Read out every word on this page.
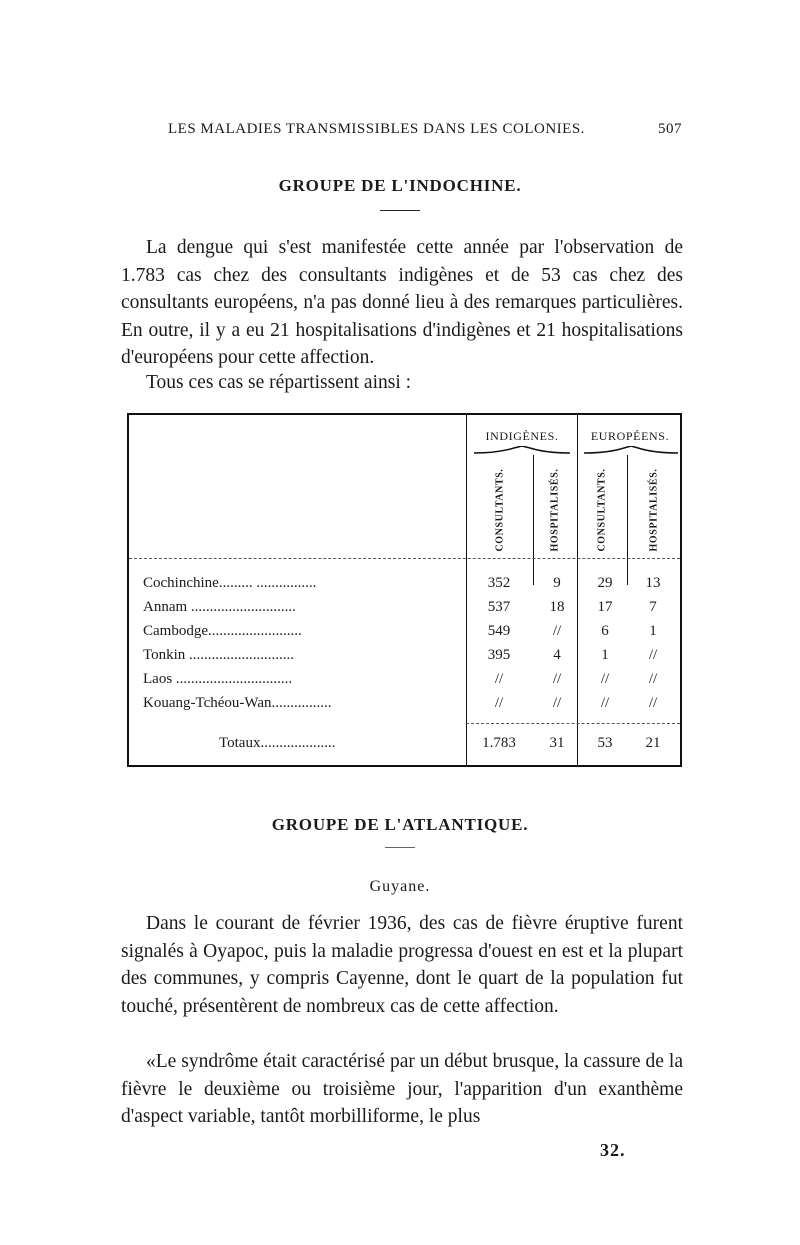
LES MALADIES TRANSMISSIBLES DANS LES COLONIES.	507
GROUPE DE L'INDOCHINE.

La dengue qui s'est manifestée cette année par l'observation de 1.783 cas chez des consultants indigènes et de 53 cas chez des consultants européens, n'a pas donné lieu à des remarques particulières. En outre, il y a eu 21 hospitalisations d'indigènes et 21 hospitalisations d'européens pour cette affection.

Tous ces cas se répartissent ainsi :
INDIGÈNES.	EUROPÉENS.
CONSULTANTS.	HOSPITALISÉS.	CONSULTANTS.	HOSPITALISÉS.
Cochinchine......... ................	352	9	29	13
Annam ............................	537	18	17	7
Cambodge.........................	549	//	6	1
Tonkin ............................	395	4	1	//
Laos ...............................	//	//	//	//
Kouang-Tchéou-Wan................	//	//	//	//
Totaux....................	1.783	31	53	21
GROUPE DE L'ATLANTIQUE.
Guyane.

Dans le courant de février 1936, des cas de fièvre éruptive furent signalés à Oyapoc, puis la maladie progressa d'ouest en est et la plupart des communes, y compris Cayenne, dont le quart de la population fut touché, présentèrent de nombreux cas de cette affection.

«Le syndrôme était caractérisé par un début brusque, la cassure de la fièvre le deuxième ou troisième jour, l'apparition d'un exanthème d'aspect variable, tantôt morbilliforme, le plus

32.
